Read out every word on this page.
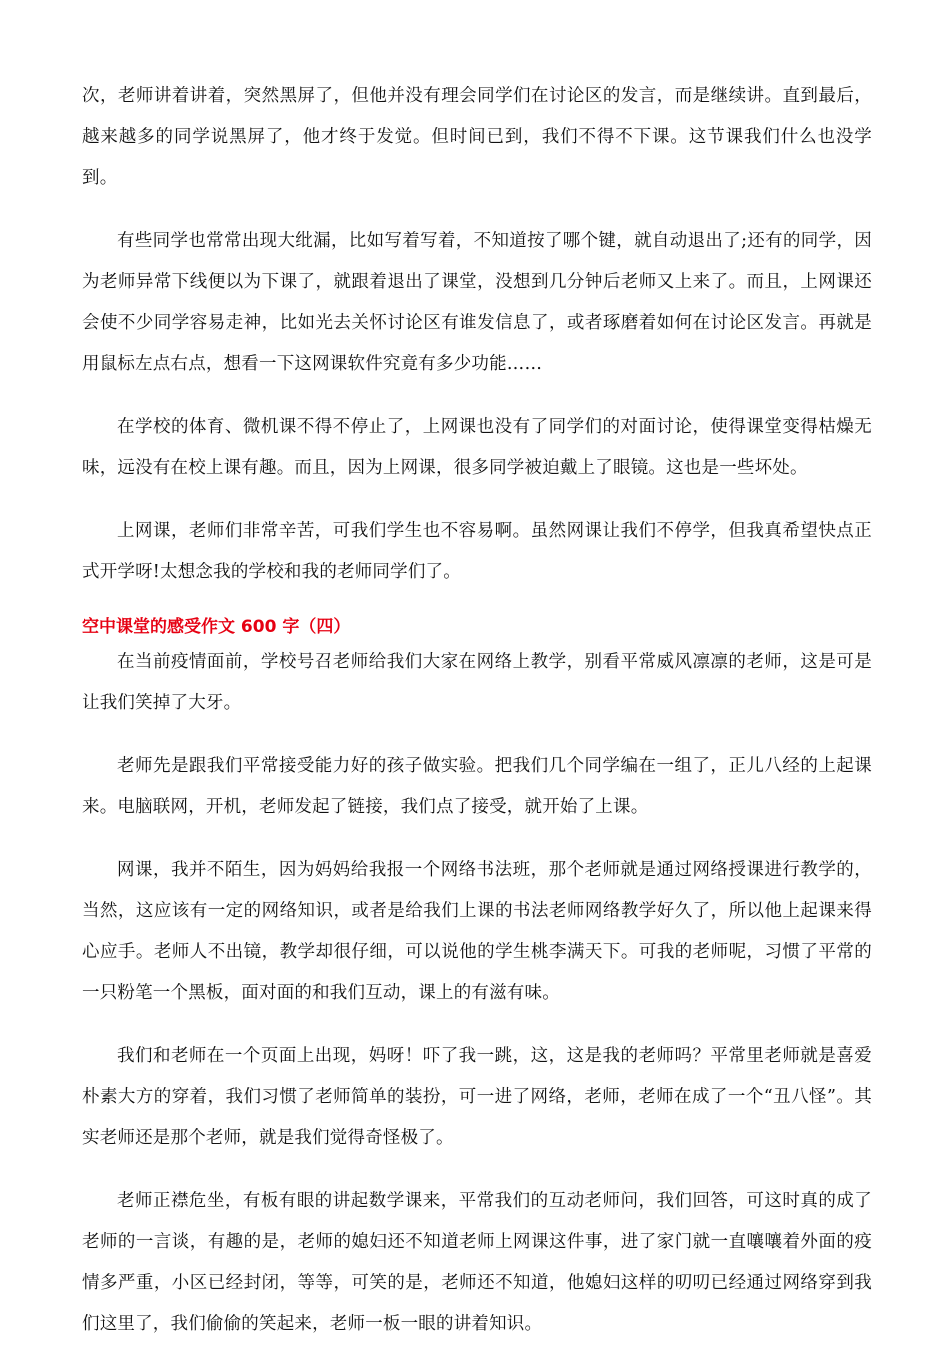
次，老师讲着讲着，突然黑屏了，但他并没有理会同学们在讨论区的发言，而是继续讲。直到最后，越来越多的同学说黑屏了，他才终于发觉。但时间已到，我们不得不下课。这节课我们什么也没学到。

有些同学也常常出现大纰漏，比如写着写着，不知道按了哪个键，就自动退出了;还有的同学，因为老师异常下线便以为下课了，就跟着退出了课堂，没想到几分钟后老师又上来了。而且，上网课还会使不少同学容易走神，比如光去关怀讨论区有谁发信息了，或者琢磨着如何在讨论区发言。再就是用鼠标左点右点，想看一下这网课软件究竟有多少功能……

在学校的体育、微机课不得不停止了，上网课也没有了同学们的对面讨论，使得课堂变得枯燥无味，远没有在校上课有趣。而且，因为上网课，很多同学被迫戴上了眼镜。这也是一些坏处。

上网课，老师们非常辛苦，可我们学生也不容易啊。虽然网课让我们不停学，但我真希望快点正式开学呀!太想念我的学校和我的老师同学们了。

空中课堂的感受作文 600 字（四）

在当前疫情面前，学校号召老师给我们大家在网络上教学，别看平常威风凛凛的老师，这是可是让我们笑掉了大牙。

老师先是跟我们平常接受能力好的孩子做实验。把我们几个同学编在一组了，正儿八经的上起课来。电脑联网，开机，老师发起了链接，我们点了接受，就开始了上课。

网课，我并不陌生，因为妈妈给我报一个网络书法班，那个老师就是通过网络授课进行教学的，当然，这应该有一定的网络知识，或者是给我们上课的书法老师网络教学好久了，所以他上起课来得心应手。老师人不出镜，教学却很仔细，可以说他的学生桃李满天下。可我的老师呢，习惯了平常的一只粉笔一个黑板，面对面的和我们互动，课上的有滋有味。

我们和老师在一个页面上出现，妈呀！吓了我一跳，这，这是我的老师吗？平常里老师就是喜爱朴素大方的穿着，我们习惯了老师简单的装扮，可一进了网络，老师，老师在成了一个“丑八怪”。其实老师还是那个老师，就是我们觉得奇怪极了。

老师正襟危坐，有板有眼的讲起数学课来，平常我们的互动老师问，我们回答，可这时真的成了老师的一言谈，有趣的是，老师的媳妇还不知道老师上网课这件事，进了家门就一直嚷嚷着外面的疫情多严重，小区已经封闭，等等，可笑的是，老师还不知道，他媳妇这样的叨叨已经通过网络穿到我们这里了，我们偷偷的笑起来，老师一板一眼的讲着知识。
